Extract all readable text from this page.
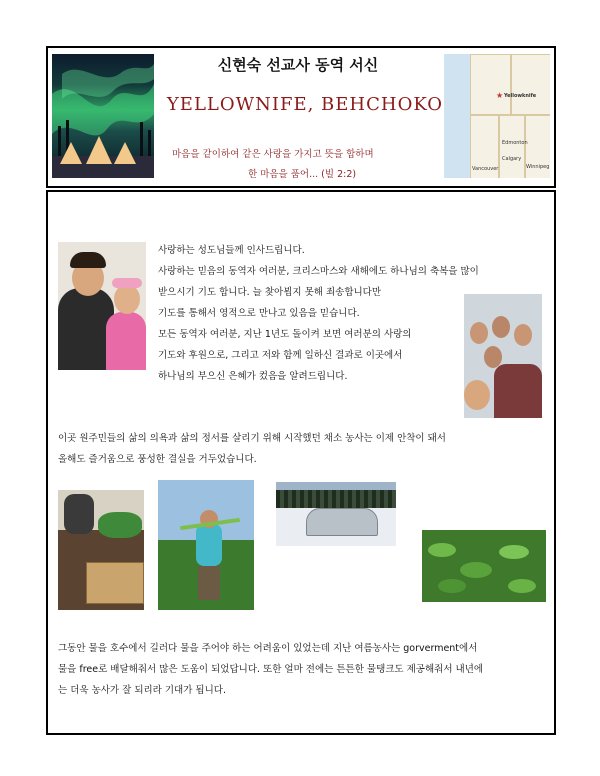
신현숙 선교사 동역 서신
YELLOWNIFE, BEHCHOKO
마음을 같이하여 같은 사랑을 가지고 뜻을 합하며
한 마음을 품어... (빌 2:2)
★ Yellowknife
Edmonton
Calgary
Vancouver	Winnipeg
사랑하는 성도님들께 인사드립니다.
사랑하는 믿음의 동역자 여러분, 크리스마스와 새해에도 하나님의 축복을 많이
받으시기 기도 합니다. 늘 찾아뵙지 못해 죄송합니다만
기도를 통해서 영적으로 만나고 있음을 믿습니다.
모든 동역자 여러분, 지난 1년도 돌이켜 보면 여러분의 사랑의
기도와 후원으로, 그리고 저와 함께 일하신 결과로 이곳에서
하나님의 부으신 은혜가 컸음을 알려드립니다.
이곳 원주민들의 삶의 의욕과 삶의 정서를 살리기 위해 시작했던 채소 농사는 이제 안착이 돼서
올해도 즐거움으로 풍성한 결실을 거두었습니다.
그동안 물을 호수에서 길러다 물을 주어야 하는 어려움이 있었는데 지난 여름농사는 gorverment에서
물을 free로 배달해줘서 많은 도움이 되었답니다. 또한 얼마 전에는 튼튼한 물탱크도 제공해줘서 내년에
는 더욱 농사가 잘 되리라 기대가 됩니다.
